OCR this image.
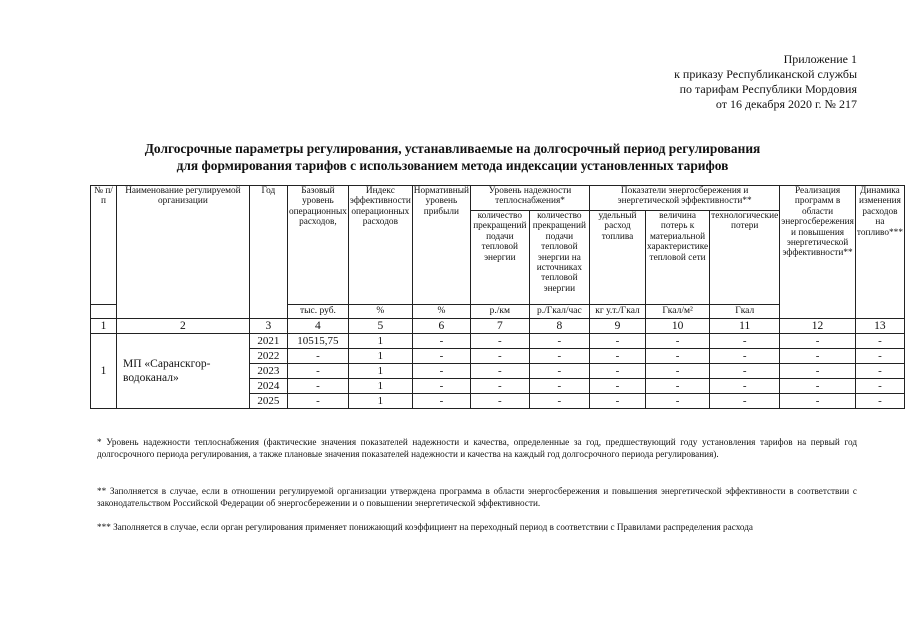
Приложение 1
к приказу Республиканской службы
по тарифам Республики Мордовия
от 16 декабря 2020 г. № 217
Долгосрочные параметры регулирования, устанавливаемые на долгосрочный период регулирования
для формирования тарифов с использованием метода индексации установленных тарифов
№ п/п	Наименование регулируемой организации	Год	Базовый уровень операционных расходов,	Индекс эффективности операционных расходов	Нормативный уровень прибыли	Уровень надежности теплоснабжения*		Показатели энергосбережения и энергетической эффективности**			Реализация программ в области энергосбережения и повышения энергетической эффективности**	Динамика изменения расходов на топливо***
						количество прекращений подачи тепловой энергии	количество прекращений подачи тепловой энергии на источниках тепловой энергии	удельный расход топлива	величина потерь к материальной характеристике тепловой сети	технологические потери		
			тыс. руб.	%	%	р./км	р./Гкал/час	кг у.т./Гкал	Гкал/м²	Гкал		
1	2	3	4	5	6	7	8	9	10	11	12	13
1	МП «Саранскгор-водоканал»	2021	10515,75	1	-	-	-	-	-	-	-	-
		2022	-	1	-	-	-	-	-	-	-	-
		2023	-	1	-	-	-	-	-	-	-	-
		2024	-	1	-	-	-	-	-	-	-	-
		2025	-	1	-	-	-	-	-	-	-	-
* Уровень надежности теплоснабжения (фактические значения показателей надежности и качества, определенные за год, предшествующий году установления тарифов на первый год долгосрочного периода регулирования, а также плановые значения показателей надежности и качества на каждый год долгосрочного периода регулирования).
** Заполняется в случае, если в отношении регулируемой организации утверждена программа в области энергосбережения и повышения энергетической эффективности в соответствии с законодательством Российской Федерации об энергосбережении и о повышении энергетической эффективности.
*** Заполняется в случае, если орган регулирования применяет понижающий коэффициент на переходный период в соответствии с Правилами распределения расхода
